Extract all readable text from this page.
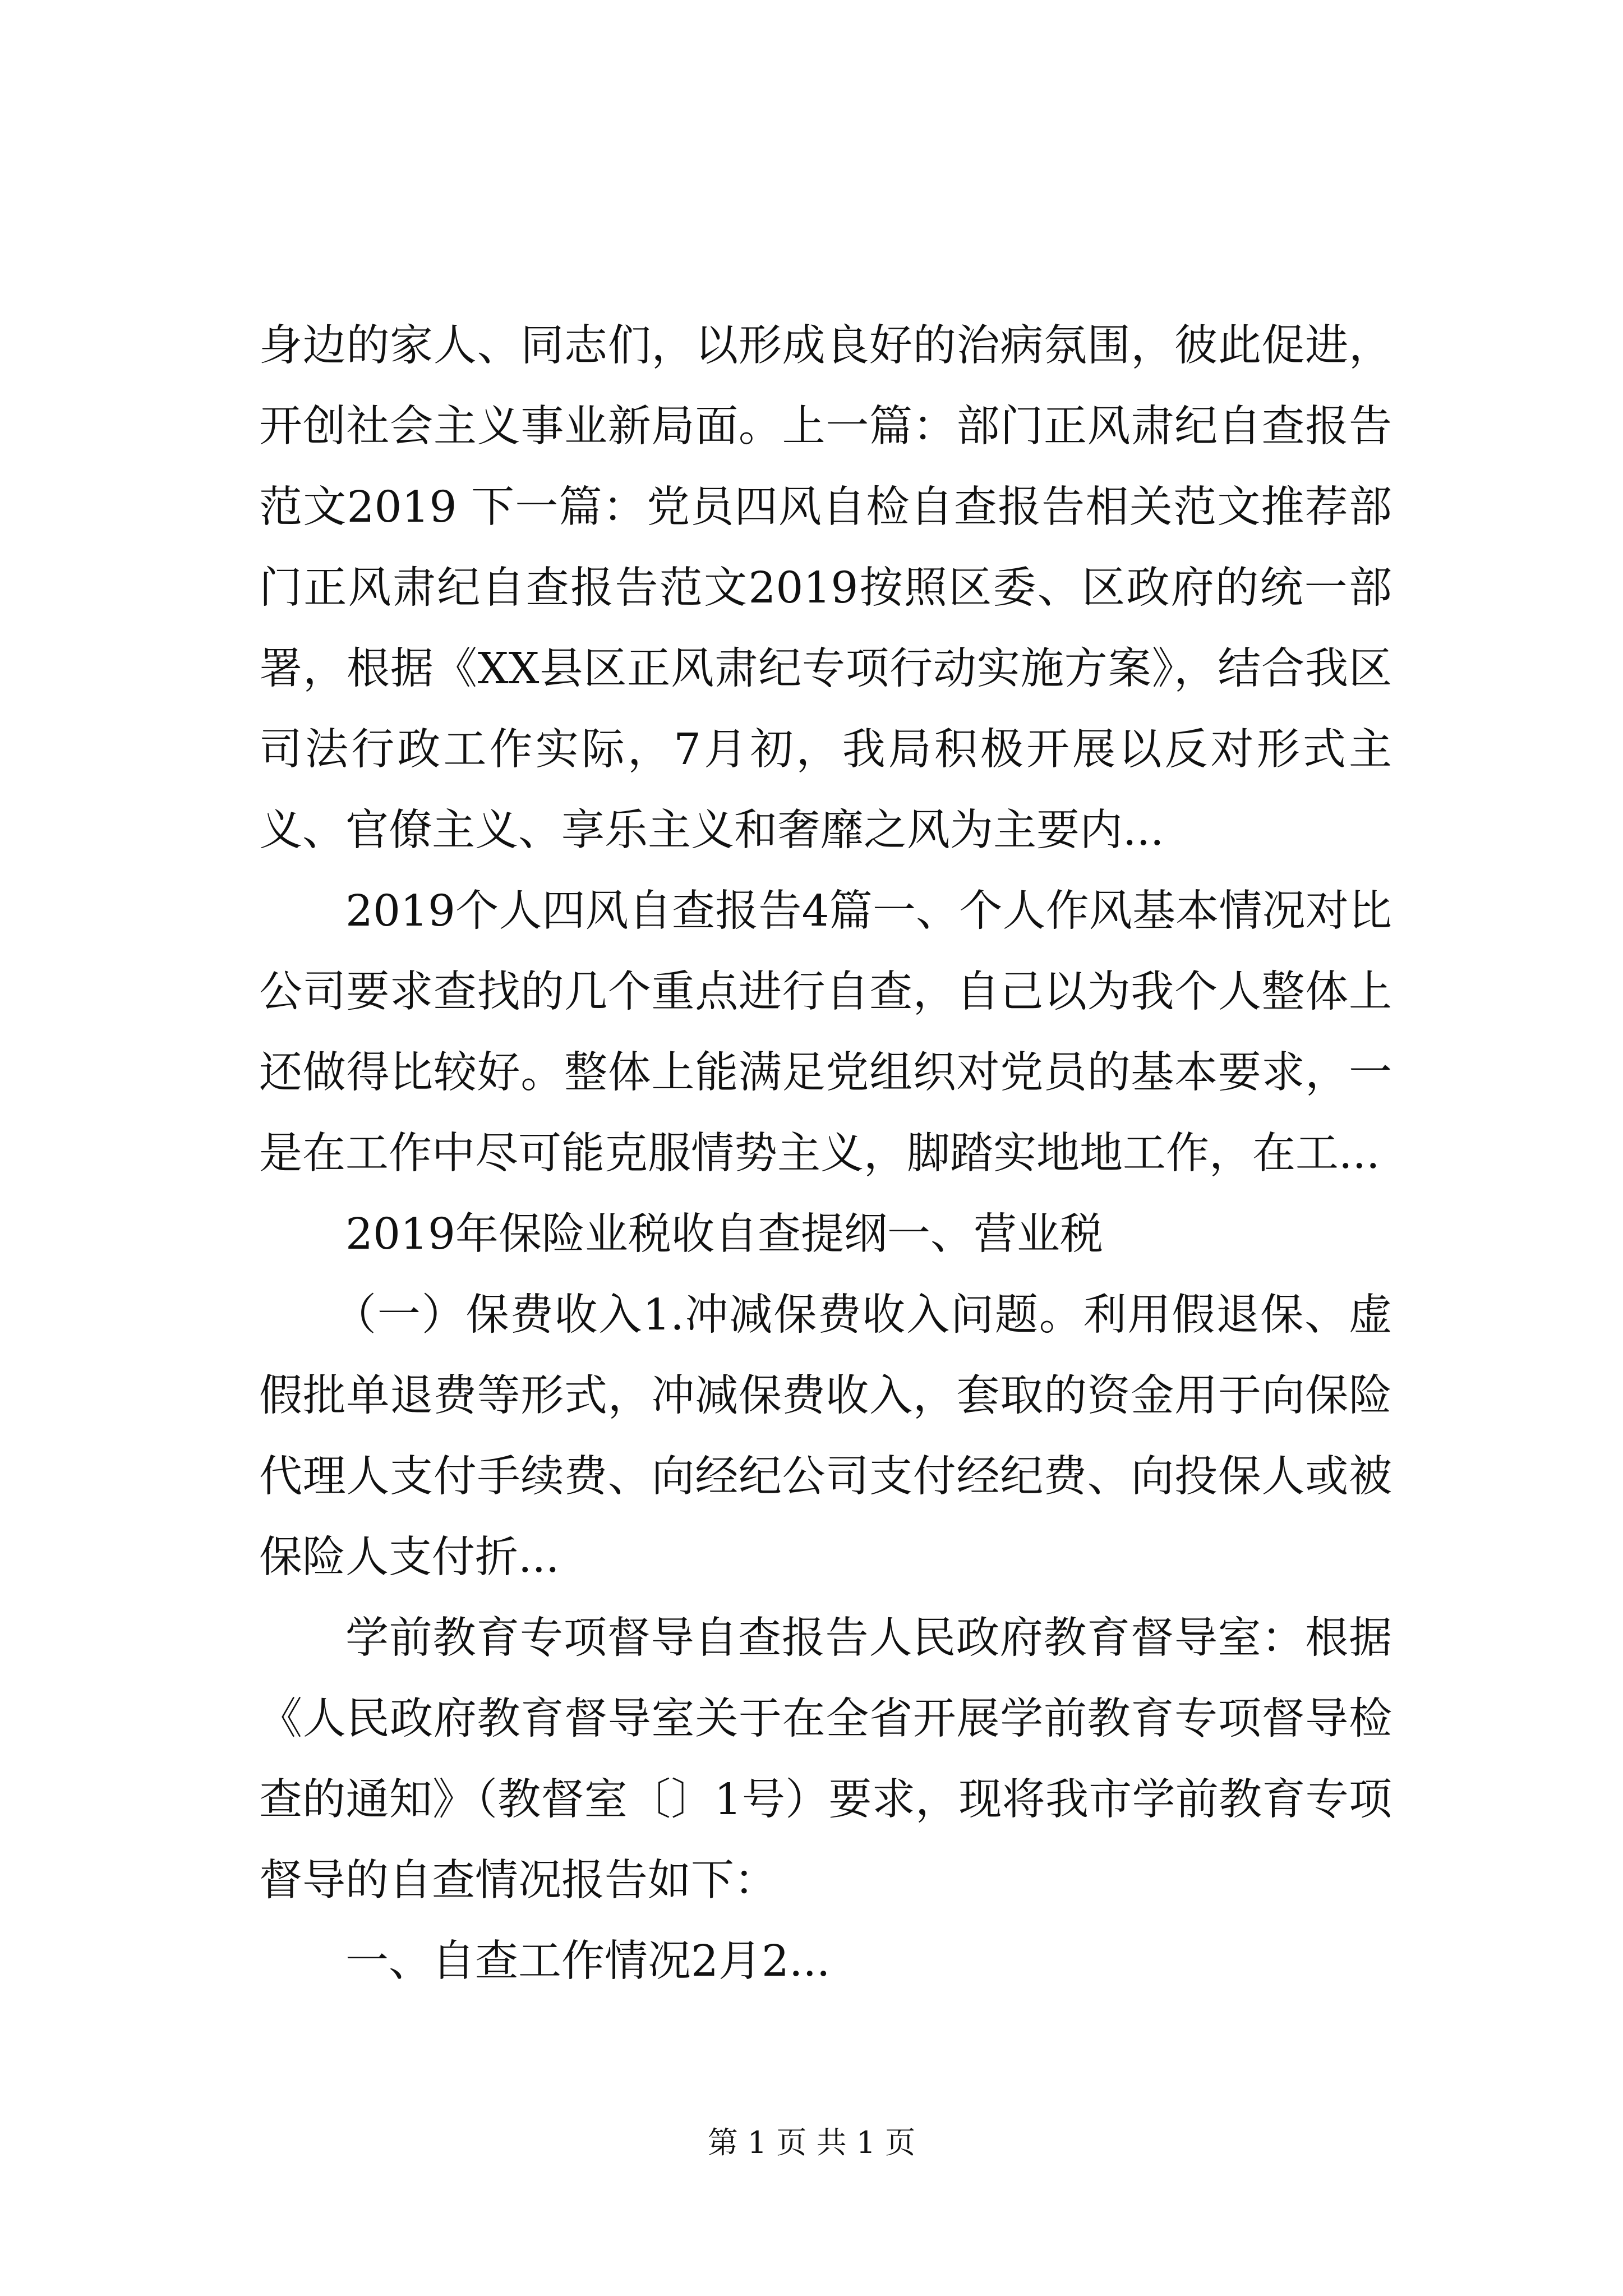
身边的家人、同志们，以形成良好的治病氛围，彼此促进，开创社会主义事业新局面。上一篇：部门正风肃纪自查报告范文2019 下一篇：党员四风自检自查报告相关范文推荐部门正风肃纪自查报告范文2019按照区委、区政府的统一部署，根据《XX县区正风肃纪专项行动实施方案》，结合我区司法行政工作实际，7月初，我局积极开展以反对形式主义、官僚主义、享乐主义和奢靡之风为主要内...

2019个人四风自查报告4篇一、个人作风基本情况对比公司要求查找的几个重点进行自查，自己以为我个人整体上还做得比较好。整体上能满足党组织对党员的基本要求，一是在工作中尽可能克服情势主义，脚踏实地地工作，在工...

2019年保险业税收自查提纲一、营业税

（一）保费收入1.冲减保费收入问题。利用假退保、虚假批单退费等形式，冲减保费收入，套取的资金用于向保险代理人支付手续费、向经纪公司支付经纪费、向投保人或被保险人支付折...

学前教育专项督导自查报告人民政府教育督导室：根据《人民政府教育督导室关于在全省开展学前教育专项督导检查的通知》（教督室〔〕1号）要求，现将我市学前教育专项督导的自查情况报告如下：

一、自查工作情况2月2...

第 1 页 共 1 页
